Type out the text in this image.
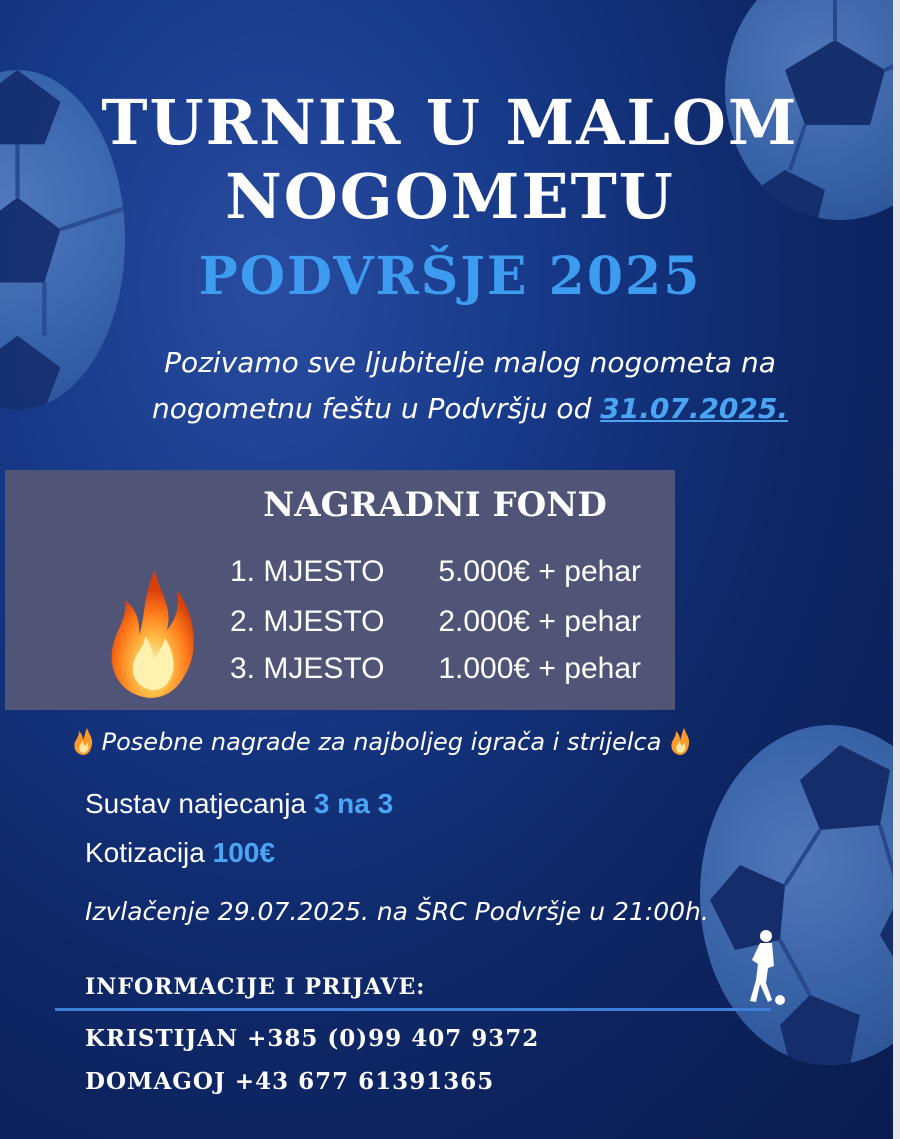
TURNIR U MALOM
NOGOMETU
PODVRŠJE 2025
Pozivamo sve ljubitelje malog nogometa na nogometnu feštu u Podvršju od 31.07.2025.
NAGRADNI FOND
1. MJESTO 5.000€ + pehar
2. MJESTO 2.000€ + pehar
3. MJESTO 1.000€ + pehar
Posebne nagrade za najboljeg igrača i strijelca
Sustav natjecanja 3 na 3
Kotizacija 100€
Izvlačenje 29.07.2025. na ŠRC Podvršje u 21:00h.
INFORMACIJE I PRIJAVE:
KRISTIJAN +385 (0)99 407 9372
DOMAGOJ +43 677 61391365
